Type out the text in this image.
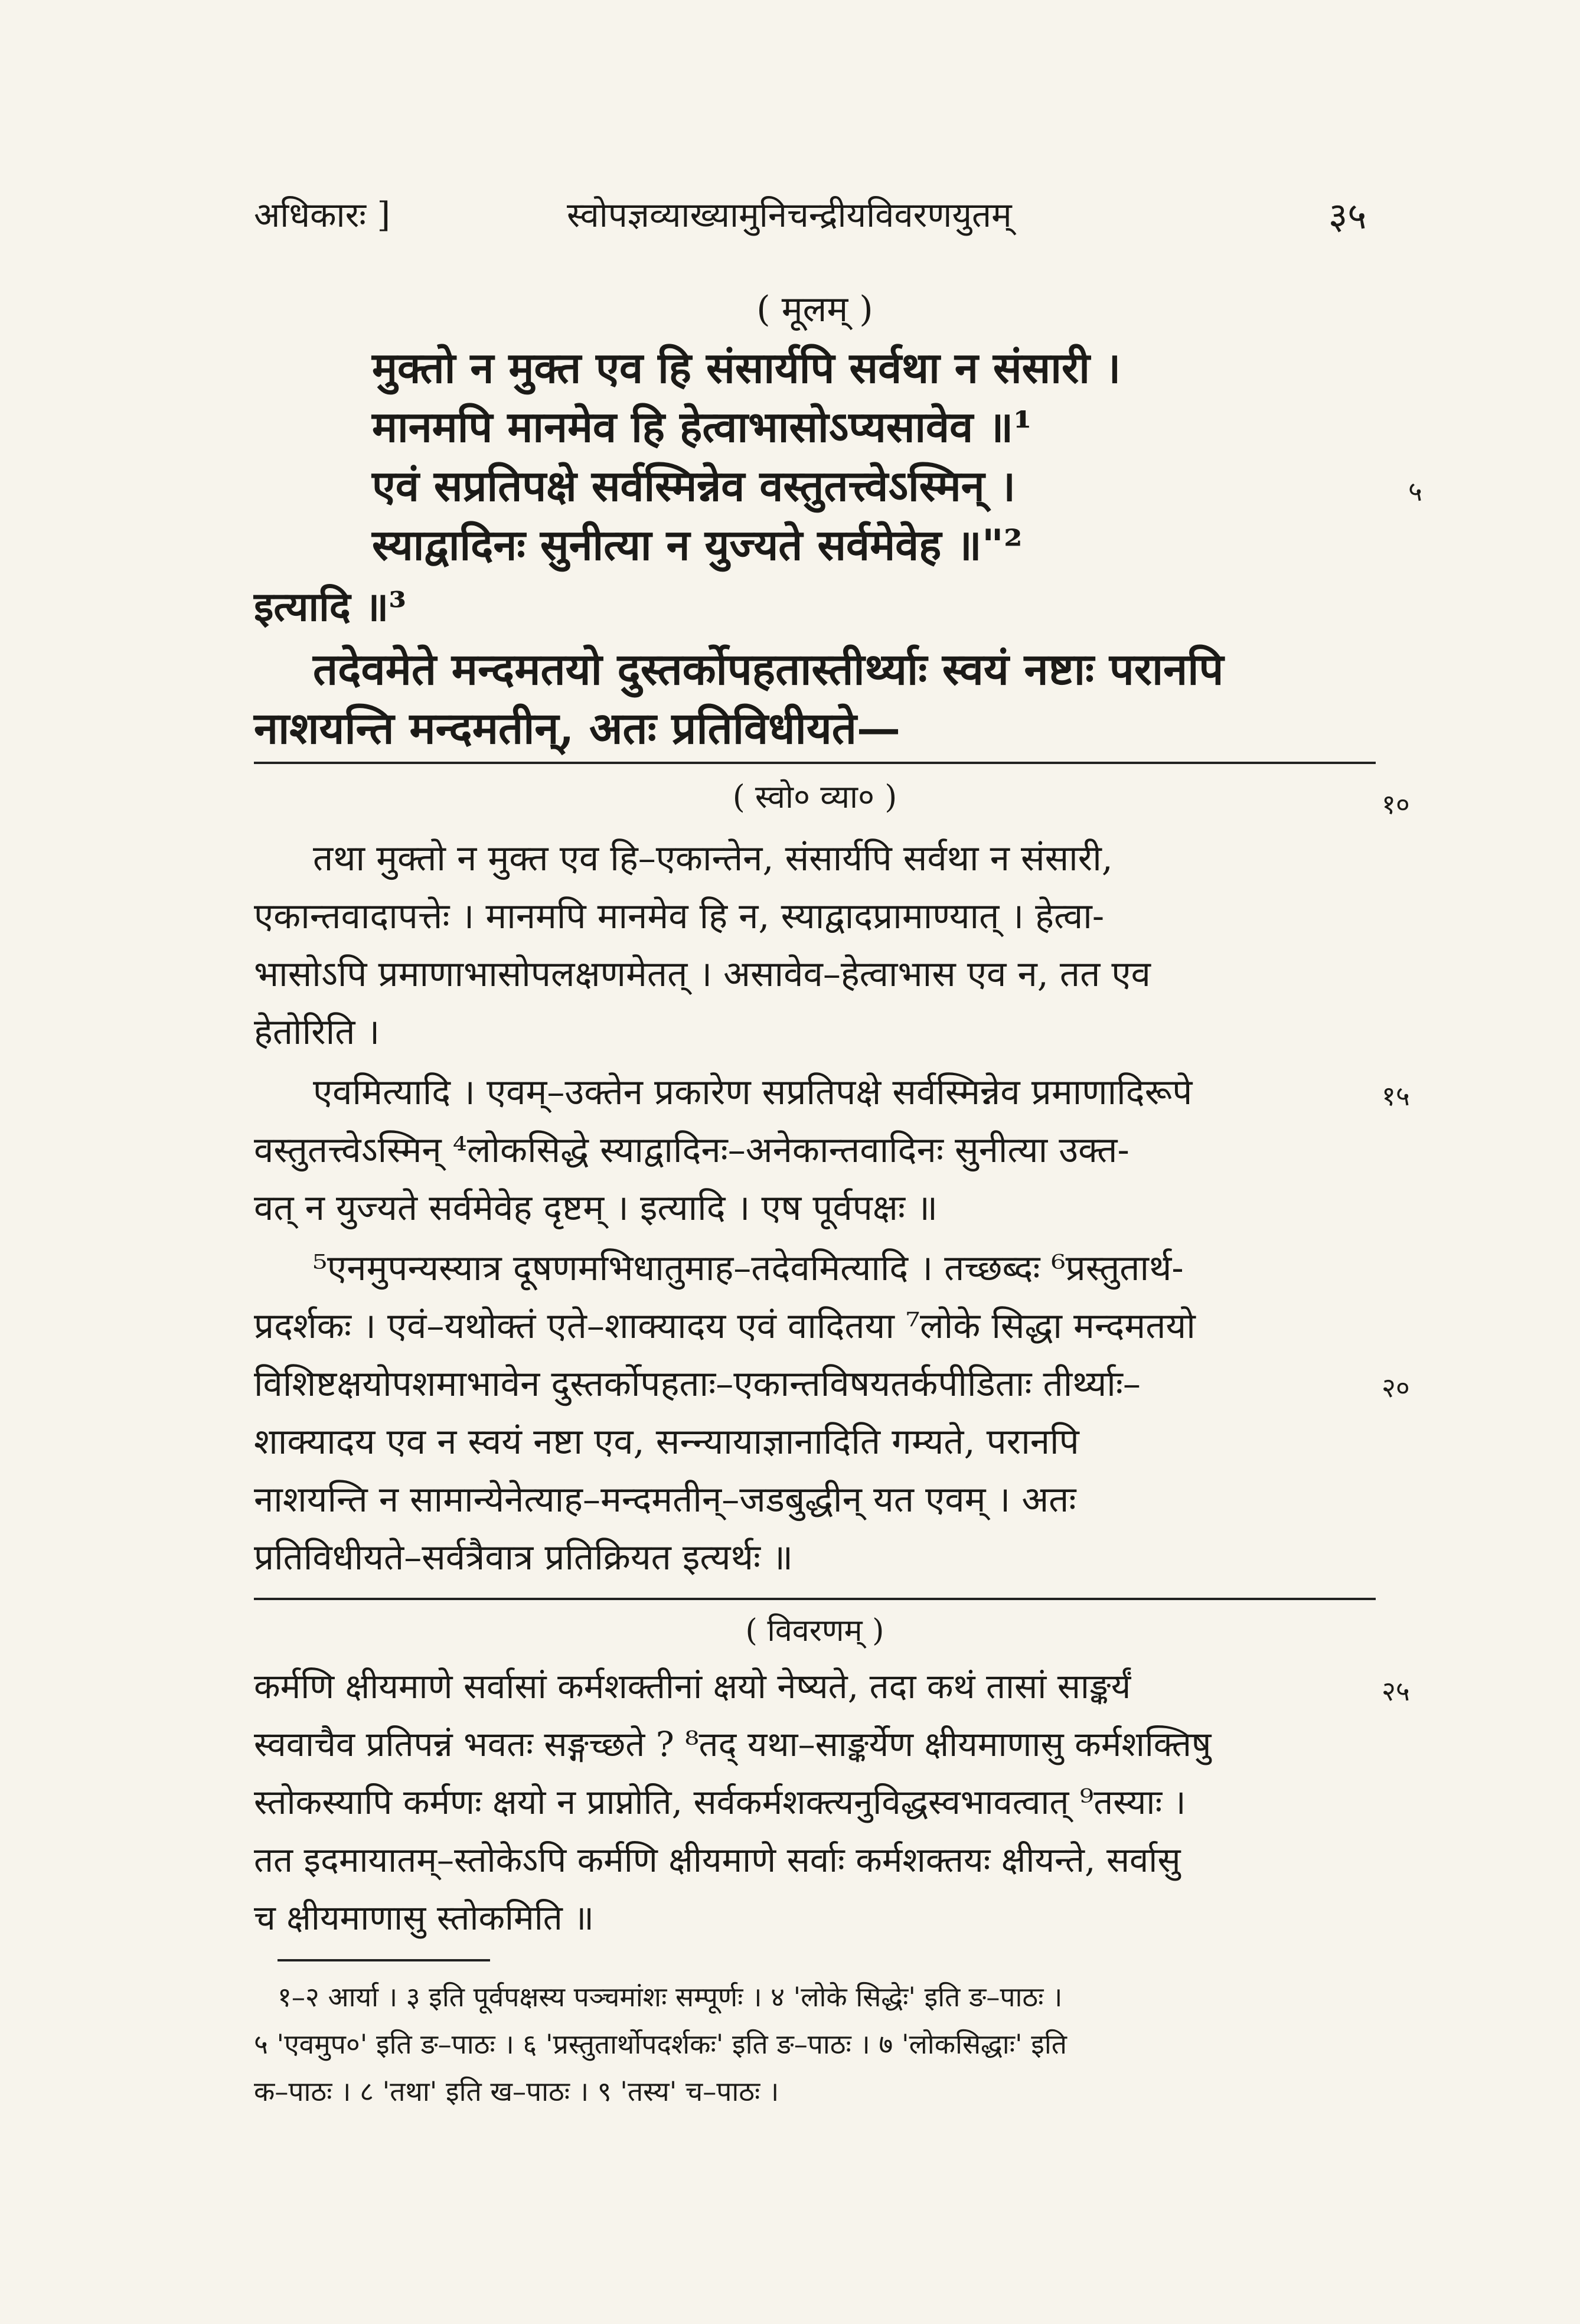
अधिकारः ]	स्वोपज्ञव्याख्यामुनिचन्द्रीयविवरणयुतम्	३५
( मूलम् )
मुक्तो न मुक्त एव हि संसार्यपि सर्वथा न संसारी ।
मानमपि मानमेव हि हेत्वाभासोऽप्यसावेव ॥¹
एवं सप्रतिपक्षे सर्वस्मिन्नेव वस्तुतत्त्वेऽस्मिन् ।	५
स्याद्वादिनः सुनीत्या न युज्यते सर्वमेवेह ॥"²
इत्यादि ॥³
तदेवमेते मन्दमतयो दुस्तर्कोपहतास्तीर्थ्याः स्वयं नष्टाः परानपि
नाशयन्ति मन्दमतीन्, अतः प्रतिविधीयते—
( स्वो० व्या० )	१०
तथा मुक्तो न मुक्त एव हि–एकान्तेन, संसार्यपि सर्वथा न संसारी,
एकान्तवादापत्तेः । मानमपि मानमेव हि न, स्याद्वादप्रामाण्यात् । हेत्वा-
भासोऽपि प्रमाणाभासोपलक्षणमेतत् । असावेव–हेत्वाभास एव न, तत एव
हेतोरिति ।
एवमित्यादि । एवम्–उक्तेन प्रकारेण सप्रतिपक्षे सर्वस्मिन्नेव प्रमाणादिरूपे	१५
वस्तुतत्त्वेऽस्मिन् ⁴लोकसिद्धे स्याद्वादिनः–अनेकान्तवादिनः सुनीत्या उक्त-
वत् न युज्यते सर्वमेवेह दृष्टम् । इत्यादि । एष पूर्वपक्षः ॥
⁵एनमुपन्यस्यात्र दूषणमभिधातुमाह–तदेवमित्यादि । तच्छब्दः ⁶प्रस्तुतार्थ-
प्रदर्शकः । एवं–यथोक्तं एते–शाक्यादय एवं वादितया ⁷लोके सिद्धा मन्दमतयो
विशिष्टक्षयोपशमाभावेन दुस्तर्कोपहताः–एकान्तविषयतर्कपीडिताः तीर्थ्याः–	२०
शाक्यादय एव न स्वयं नष्टा एव, सन्न्यायाज्ञानादिति गम्यते, परानपि
नाशयन्ति न सामान्येनेत्याह–मन्दमतीन्–जडबुद्धीन् यत एवम् । अतः
प्रतिविधीयते–सर्वत्रैवात्र प्रतिक्रियत इत्यर्थः ॥
( विवरणम् )
कर्मणि क्षीयमाणे सर्वासां कर्मशक्तीनां क्षयो नेष्यते, तदा कथं तासां साङ्कर्यं	२५
स्ववाचैव प्रतिपन्नं भवतः सङ्गच्छते ? ⁸तद् यथा–साङ्कर्येण क्षीयमाणासु कर्मशक्तिषु
स्तोकस्यापि कर्मणः क्षयो न प्राप्नोति, सर्वकर्मशक्त्यनुविद्धस्वभावत्वात् ⁹तस्याः ।
तत इदमायातम्–स्तोकेऽपि कर्मणि क्षीयमाणे सर्वाः कर्मशक्तयः क्षीयन्ते, सर्वासु
च क्षीयमाणासु स्तोकमिति ॥
१–२ आर्या । ३ इति पूर्वपक्षस्य पञ्चमांशः सम्पूर्णः । ४ 'लोके सिद्धेः' इति ङ–पाठः ।
५ 'एवमुप०' इति ङ–पाठः । ६ 'प्रस्तुतार्थोपदर्शकः' इति ङ–पाठः । ७ 'लोकसिद्धाः' इति
क–पाठः । ८ 'तथा' इति ख–पाठः । ९ 'तस्य' च–पाठः ।
